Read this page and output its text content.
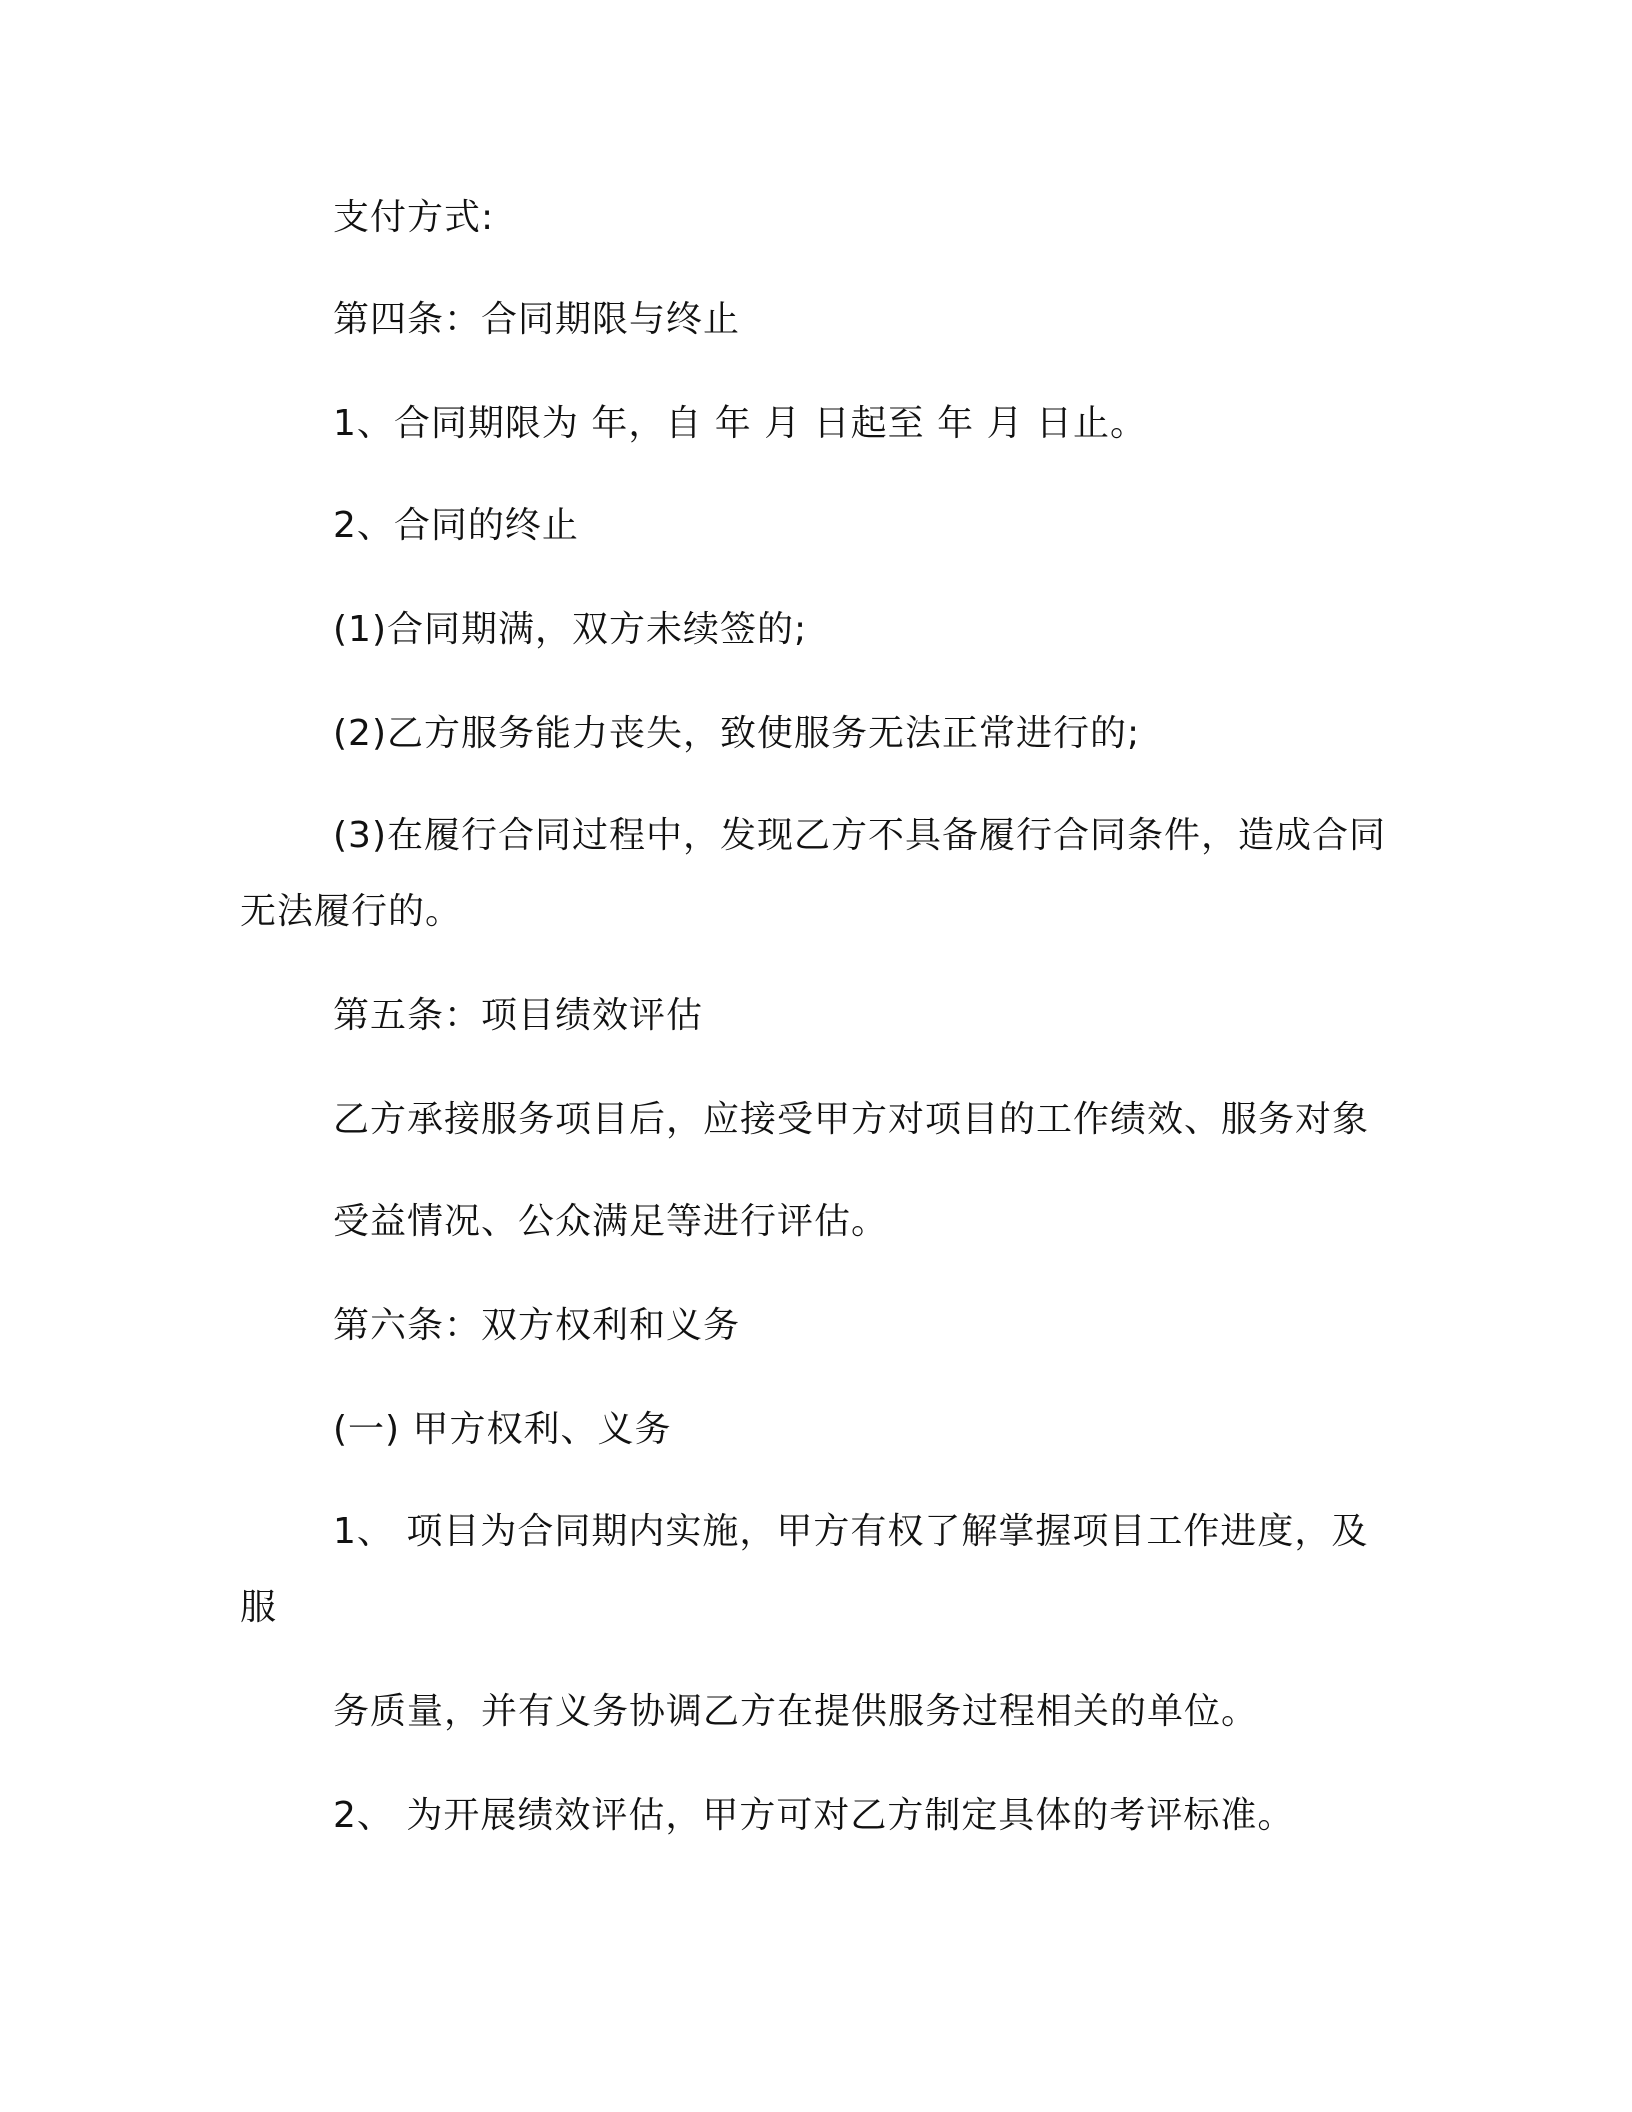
支付方式:

第四条：合同期限与终止

1、合同期限为 年，自 年 月 日起至 年 月 日止。

2、合同的终止

(1)合同期满，双方未续签的;

(2)乙方服务能力丧失，致使服务无法正常进行的;

(3)在履行合同过程中，发现乙方不具备履行合同条件，造成合同

无法履行的。

第五条：项目绩效评估

乙方承接服务项目后，应接受甲方对项目的工作绩效、服务对象

受益情况、公众满足等进行评估。

第六条：双方权利和义务

(一) 甲方权利、义务

1、 项目为合同期内实施，甲方有权了解掌握项目工作进度，及

服

务质量，并有义务协调乙方在提供服务过程相关的单位。

2、 为开展绩效评估，甲方可对乙方制定具体的考评标准。
